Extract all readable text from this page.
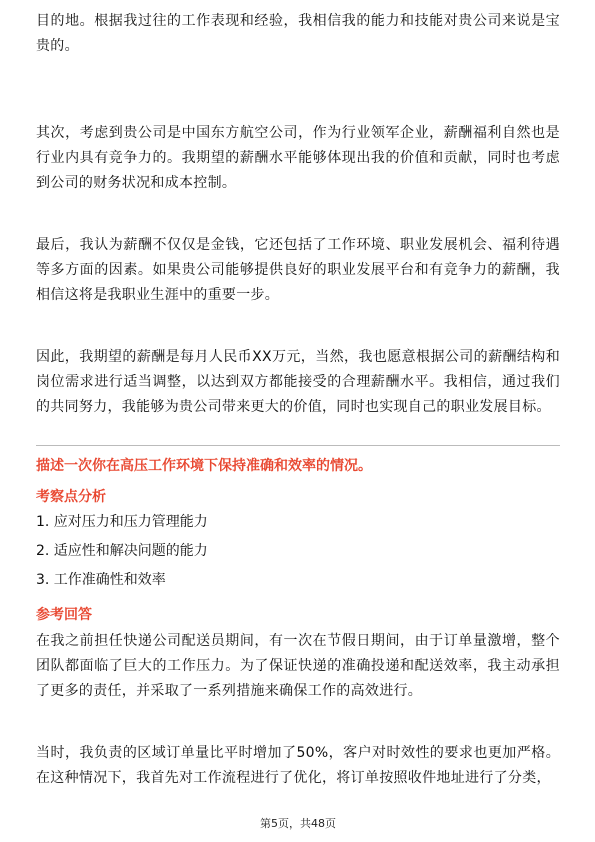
目的地。根据我过往的工作表现和经验，我相信我的能力和技能对贵公司来说是宝贵的。

其次，考虑到贵公司是中国东方航空公司，作为行业领军企业，薪酬福利自然也是行业内具有竞争力的。我期望的薪酬水平能够体现出我的价值和贡献，同时也考虑到公司的财务状况和成本控制。

最后，我认为薪酬不仅仅是金钱，它还包括了工作环境、职业发展机会、福利待遇等多方面的因素。如果贵公司能够提供良好的职业发展平台和有竞争力的薪酬，我相信这将是我职业生涯中的重要一步。

因此，我期望的薪酬是每月人民币XX万元，当然，我也愿意根据公司的薪酬结构和岗位需求进行适当调整，以达到双方都能接受的合理薪酬水平。我相信，通过我们的共同努力，我能够为贵公司带来更大的价值，同时也实现自己的职业发展目标。

描述一次你在高压工作环境下保持准确和效率的情况。
考察点分析
1. 应对压力和压力管理能力
2. 适应性和解决问题的能力
3. 工作准确性和效率
参考回答

在我之前担任快递公司配送员期间，有一次在节假日期间，由于订单量激增，整个团队都面临了巨大的工作压力。为了保证快递的准确投递和配送效率，我主动承担了更多的责任，并采取了一系列措施来确保工作的高效进行。

当时，我负责的区域订单量比平时增加了50%，客户对时效性的要求也更加严格。在这种情况下，我首先对工作流程进行了优化，将订单按照收件地址进行了分类，

第5页，共48页
